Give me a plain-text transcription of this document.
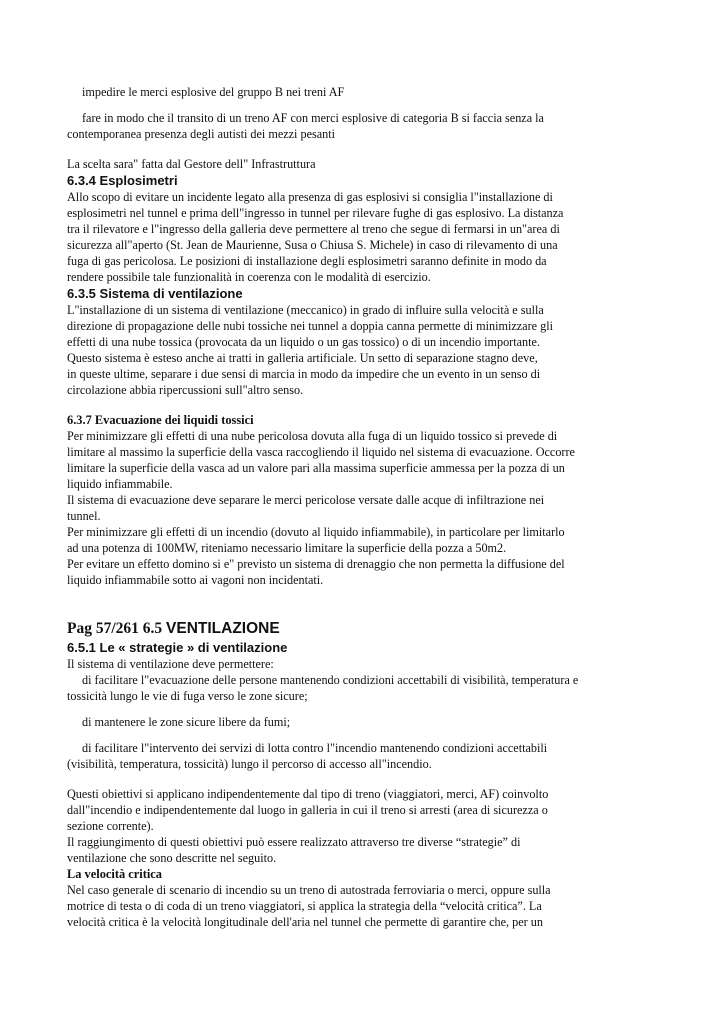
impedire le merci esplosive del gruppo B nei treni AF

fare in modo che il transito di un treno AF con merci esplosive di categoria B si faccia senza la

contemporanea presenza degli autisti dei mezzi pesanti

La scelta sara" fatta dal Gestore dell" Infrastruttura

6.3.4 Esplosimetri

Allo scopo di evitare un incidente legato alla presenza di gas esplosivi si consiglia l"installazione di

esplosimetri nel tunnel e prima dell"ingresso in tunnel per rilevare fughe di gas esplosivo. La distanza

tra il rilevatore e l"ingresso della galleria deve permettere al treno che segue di fermarsi in un"area di

sicurezza all"aperto (St. Jean de Maurienne, Susa o Chiusa S. Michele) in caso di rilevamento di una

fuga di gas pericolosa. Le posizioni di installazione degli esplosimetri saranno definite in modo da

rendere possibile tale funzionalità in coerenza con le modalità di esercizio.

6.3.5 Sistema di ventilazione

L"installazione di un sistema di ventilazione (meccanico) in grado di influire sulla velocità e sulla

direzione di propagazione delle nubi tossiche nei tunnel a doppia canna permette di minimizzare gli

effetti di una nube tossica (provocata da un liquido o un gas tossico) o di un incendio importante.

Questo sistema è esteso anche ai tratti in galleria artificiale. Un setto di separazione stagno deve,

in queste ultime, separare i due sensi di marcia in modo da impedire che un evento in un senso di

circolazione abbia ripercussioni sull"altro senso.

6.3.7 Evacuazione dei liquidi tossici

Per minimizzare gli effetti di una nube pericolosa dovuta alla fuga di un liquido tossico si prevede di

limitare al massimo la superficie della vasca raccogliendo il liquido nel sistema di evacuazione. Occorre

limitare la superficie della vasca ad un valore pari alla massima superficie ammessa per la pozza di un

liquido infiammabile.

Il sistema di evacuazione deve separare le merci pericolose versate dalle acque di infiltrazione nei

tunnel.

Per minimizzare gli effetti di un incendio (dovuto al liquido infiammabile), in particolare per limitarlo

ad una potenza di 100MW, riteniamo necessario limitare la superficie della pozza a 50m2.

Per evitare un effetto domino si e" previsto un sistema di drenaggio che non permetta la diffusione del

liquido infiammabile sotto ai vagoni non incidentati.

Pag 57/261 6.5 VENTILAZIONE
6.5.1 Le « strategie » di ventilazione

Il sistema di ventilazione deve permettere:

di facilitare l"evacuazione delle persone mantenendo condizioni accettabili di visibilità, temperatura e

tossicità lungo le vie di fuga verso le zone sicure;

di mantenere le zone sicure libere da fumi;

di facilitare l"intervento dei servizi di lotta contro l"incendio mantenendo condizioni accettabili

(visibilità, temperatura, tossicità) lungo il percorso di accesso all"incendio.

Questi obiettivi si applicano indipendentemente dal tipo di treno (viaggiatori, merci, AF) coinvolto

dall"incendio e indipendentemente dal luogo in galleria in cui il treno si arresti (area di sicurezza o

sezione corrente).

Il raggiungimento di questi obiettivi può essere realizzato attraverso tre diverse “strategie” di

ventilazione che sono descritte nel seguito.

La velocità critica

Nel caso generale di scenario di incendio su un treno di autostrada ferroviaria o merci, oppure sulla

motrice di testa o di coda di un treno viaggiatori, si applica la strategia della “velocità critica”. La

velocità critica è la velocità longitudinale dell'aria nel tunnel che permette di garantire che, per un
